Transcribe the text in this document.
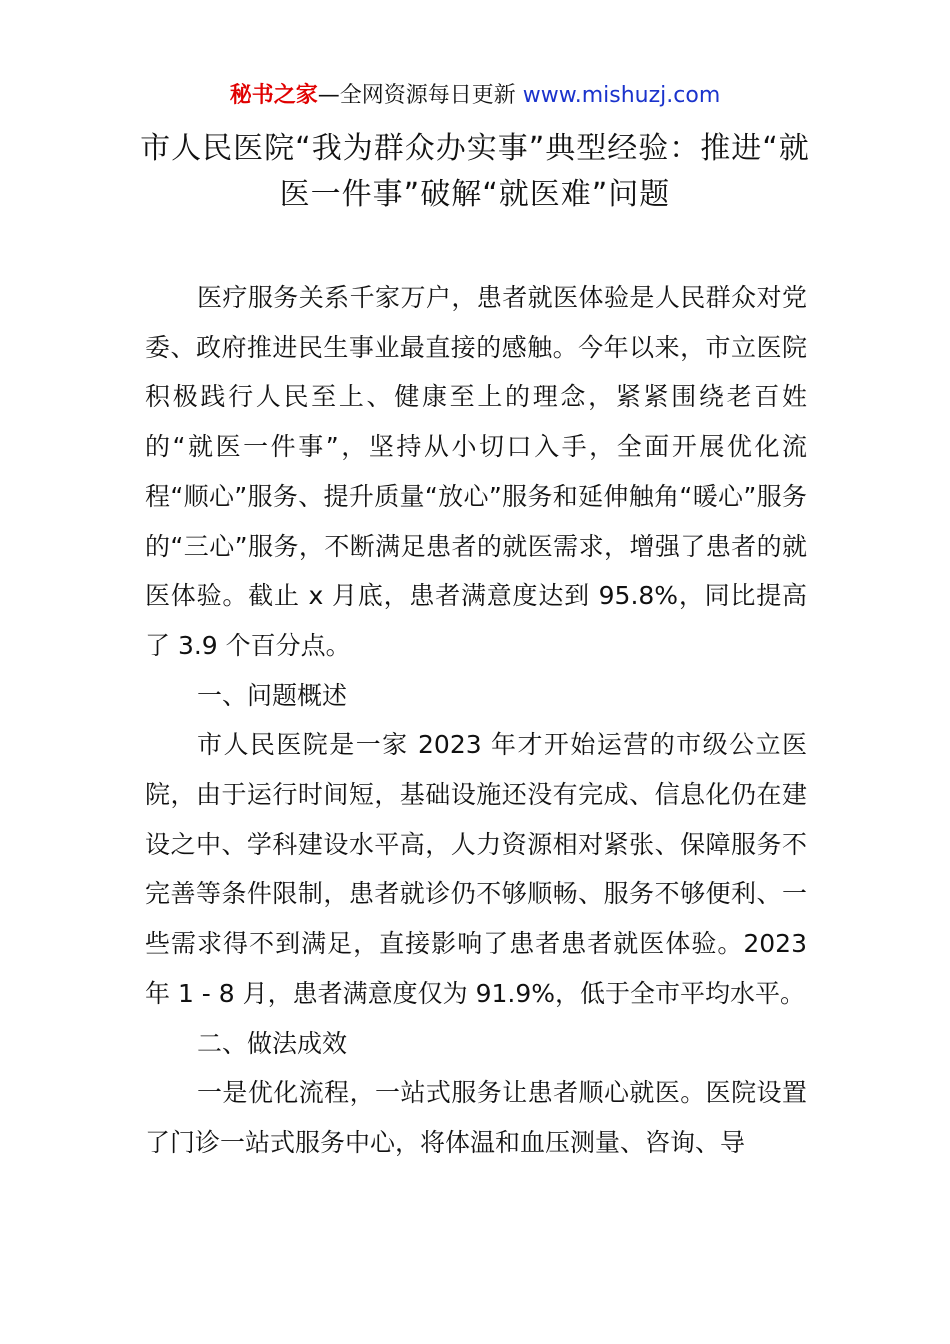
秘书之家—全网资源每日更新 www.mishuzj.com
市人民医院“我为群众办实事”典型经验：推进“就医一件事”破解“就医难”问题

医疗服务关系千家万户，患者就医体验是人民群众对党委、政府推进民生事业最直接的感触。今年以来，市立医院积极践行人民至上、健康至上的理念，紧紧围绕老百姓的“就医一件事”，坚持从小切口入手，全面开展优化流程“顺心”服务、提升质量“放心”服务和延伸触角“暖心”服务的“三心”服务，不断满足患者的就医需求，增强了患者的就医体验。截止 x 月底，患者满意度达到 95.8%，同比提高了 3.9 个百分点。

一、问题概述

市人民医院是一家 2023 年才开始运营的市级公立医院，由于运行时间短，基础设施还没有完成、信息化仍在建设之中、学科建设水平高，人力资源相对紧张、保障服务不完善等条件限制，患者就诊仍不够顺畅、服务不够便利、一些需求得不到满足，直接影响了患者患者就医体验。2023 年 1 - 8 月，患者满意度仅为 91.9%，低于全市平均水平。

二、做法成效

一是优化流程，一站式服务让患者顺心就医。医院设置了门诊一站式服务中心，将体温和血压测量、咨询、导
